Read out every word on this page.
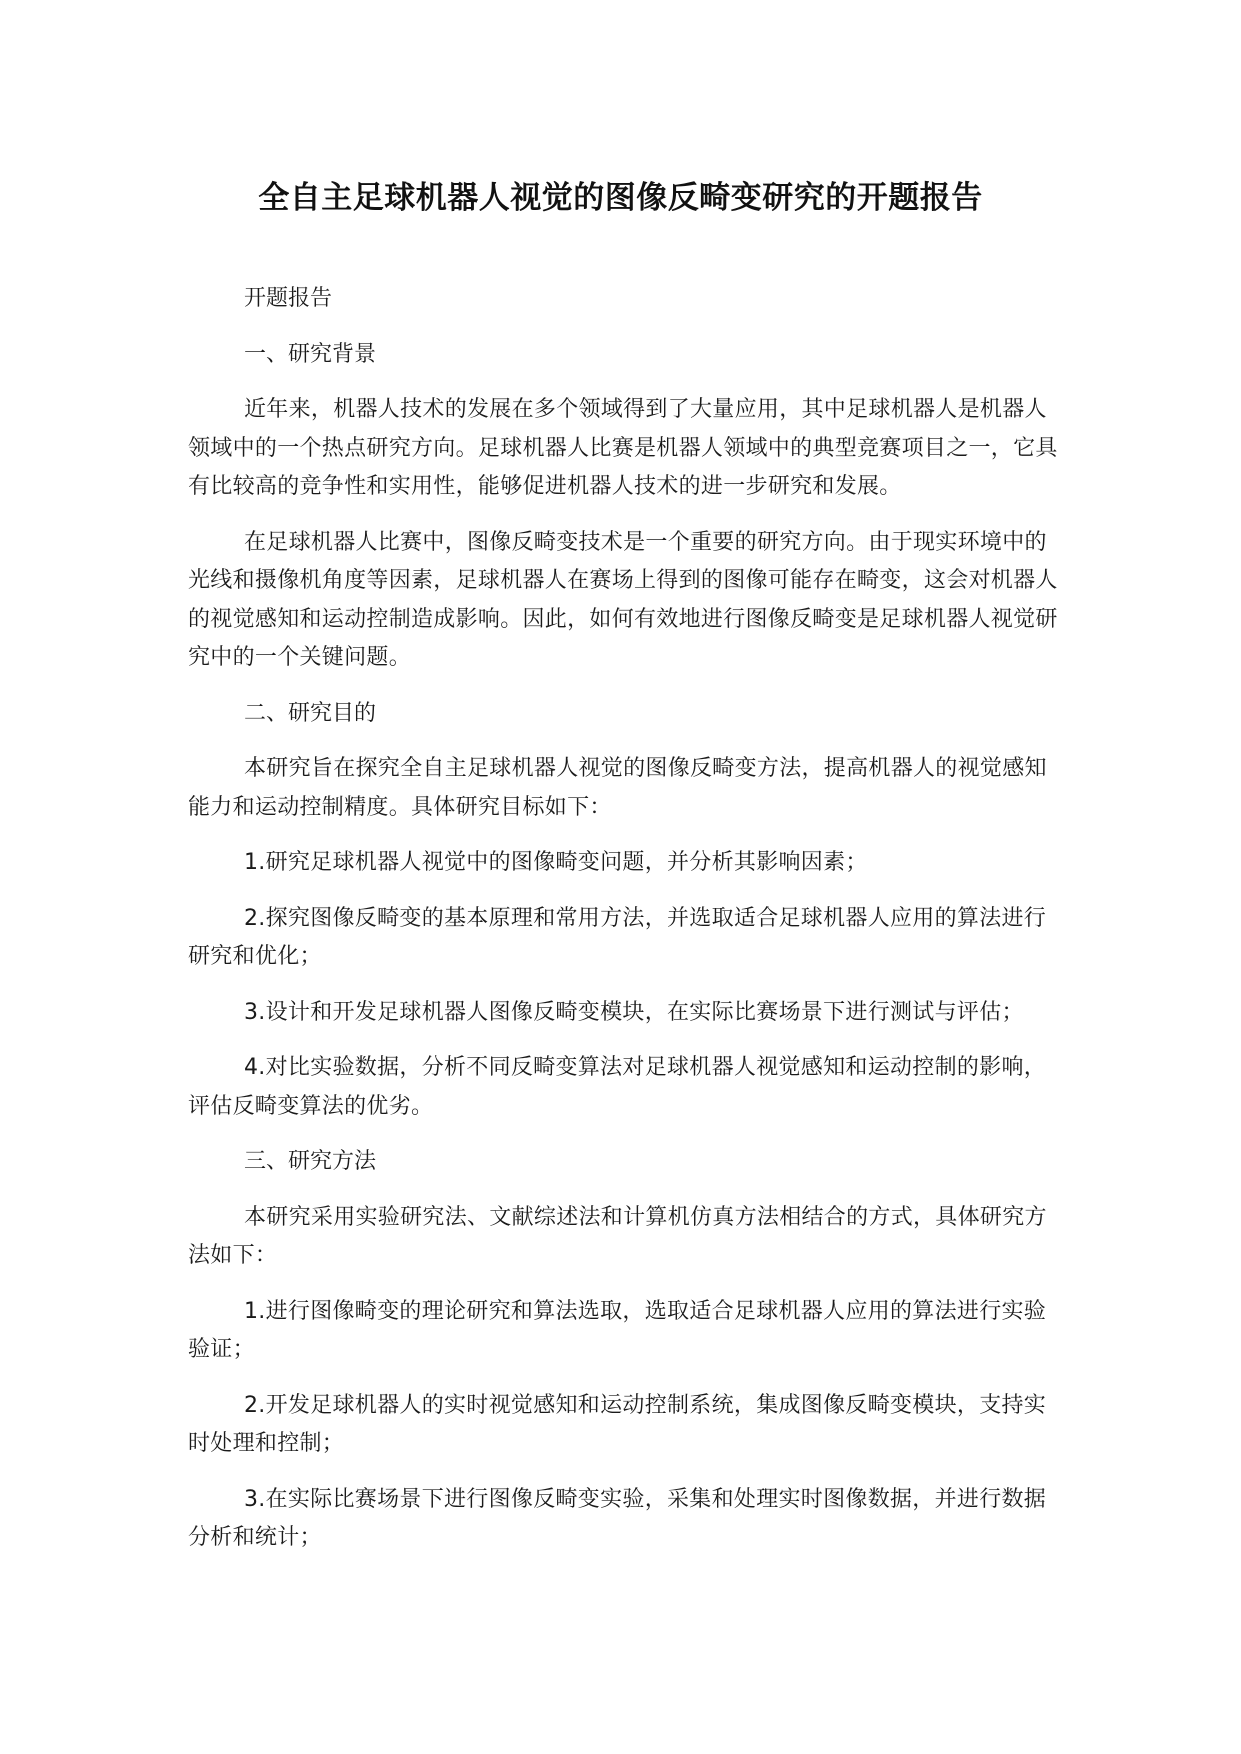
全自主足球机器人视觉的图像反畸变研究的开题报告

开题报告

一、研究背景

近年来，机器人技术的发展在多个领域得到了大量应用，其中足球机器人是机器人领域中的一个热点研究方向。足球机器人比赛是机器人领域中的典型竞赛项目之一，它具有比较高的竞争性和实用性，能够促进机器人技术的进一步研究和发展。

在足球机器人比赛中，图像反畸变技术是一个重要的研究方向。由于现实环境中的光线和摄像机角度等因素，足球机器人在赛场上得到的图像可能存在畸变，这会对机器人的视觉感知和运动控制造成影响。因此，如何有效地进行图像反畸变是足球机器人视觉研究中的一个关键问题。

二、研究目的

本研究旨在探究全自主足球机器人视觉的图像反畸变方法，提高机器人的视觉感知能力和运动控制精度。具体研究目标如下：

1.研究足球机器人视觉中的图像畸变问题，并分析其影响因素；

2.探究图像反畸变的基本原理和常用方法，并选取适合足球机器人应用的算法进行研究和优化；

3.设计和开发足球机器人图像反畸变模块，在实际比赛场景下进行测试与评估；

4.对比实验数据，分析不同反畸变算法对足球机器人视觉感知和运动控制的影响，评估反畸变算法的优劣。

三、研究方法

本研究采用实验研究法、文献综述法和计算机仿真方法相结合的方式，具体研究方法如下：

1.进行图像畸变的理论研究和算法选取，选取适合足球机器人应用的算法进行实验验证；

2.开发足球机器人的实时视觉感知和运动控制系统，集成图像反畸变模块，支持实时处理和控制；

3.在实际比赛场景下进行图像反畸变实验，采集和处理实时图像数据，并进行数据分析和统计；
